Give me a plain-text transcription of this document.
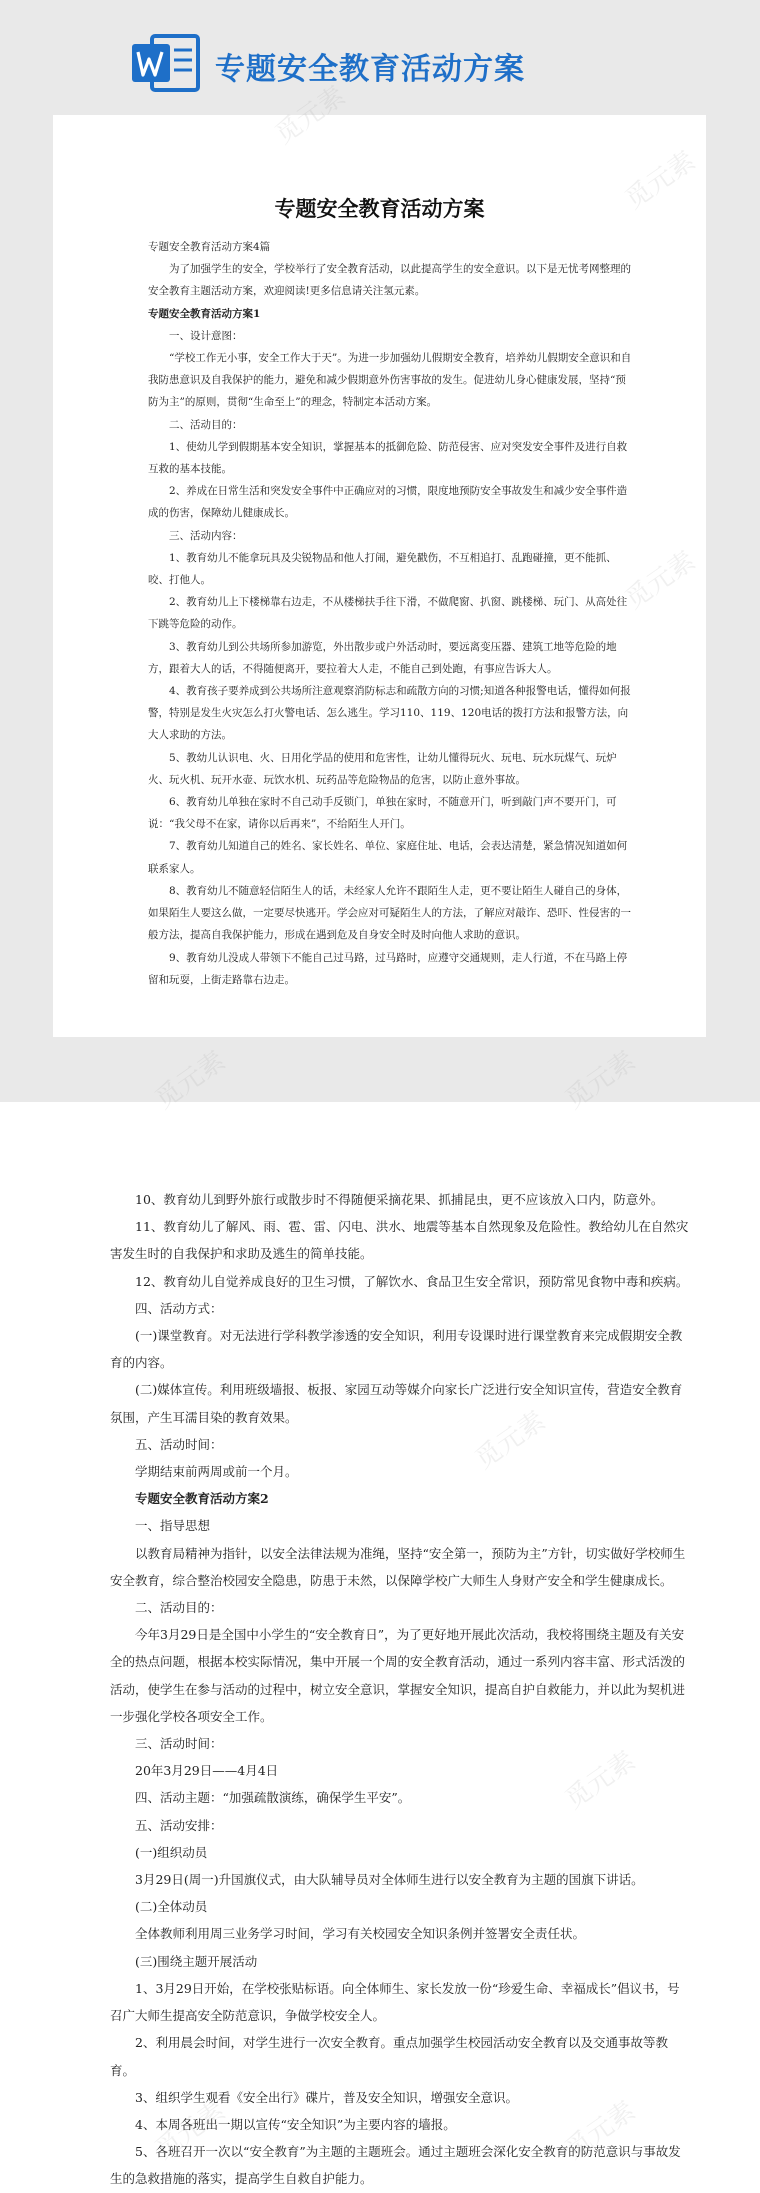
专题安全教育活动方案
专题安全教育活动方案

专题安全教育活动方案4篇

为了加强学生的安全，学校举行了安全教育活动，以此提高学生的安全意识。以下是无忧考网整理的安全教育主题活动方案，欢迎阅读!更多信息请关注氢元素。

专题安全教育活动方案1

一、设计意图：

“学校工作无小事，安全工作大于天”。为进一步加强幼儿假期安全教育，培养幼儿假期安全意识和自我防患意识及自我保护的能力，避免和减少假期意外伤害事故的发生。促进幼儿身心健康发展，坚持“预防为主”的原则，贯彻“生命至上”的理念，特制定本活动方案。

二、活动目的：

1、使幼儿学到假期基本安全知识，掌握基本的抵御危险、防范侵害、应对突发安全事件及进行自救互救的基本技能。

2、养成在日常生活和突发安全事件中正确应对的习惯，限度地预防安全事故发生和减少安全事件造成的伤害，保障幼儿健康成长。

三、活动内容：

1、教育幼儿不能拿玩具及尖锐物品和他人打闹，避免戳伤，不互相追打、乱跑碰撞，更不能抓、咬、打他人。

2、教育幼儿上下楼梯靠右边走，不从楼梯扶手往下滑，不做爬窗、扒窗、跳楼梯、玩门、从高处往下跳等危险的动作。

3、教育幼儿到公共场所参加游览，外出散步或户外活动时，要远离变压器、建筑工地等危险的地方，跟着大人的话，不得随便离开，要拉着大人走，不能自己到处跑，有事应告诉大人。

4、教育孩子要养成到公共场所注意观察消防标志和疏散方向的习惯;知道各种报警电话，懂得如何报警，特别是发生火灾怎么打火警电话、怎么逃生。学习110、119、120电话的拨打方法和报警方法，向大人求助的方法。

5、教幼儿认识电、火、日用化学品的使用和危害性，让幼儿懂得玩火、玩电、玩水玩煤气、玩炉火、玩火机、玩开水壶、玩饮水机、玩药品等危险物品的危害，以防止意外事故。

6、教育幼儿单独在家时不自己动手反锁门，单独在家时，不随意开门，听到敲门声不要开门，可说：“我父母不在家，请你以后再来”，不给陌生人开门。

7、教育幼儿知道自己的姓名、家长姓名、单位、家庭住址、电话，会表达清楚，紧急情况知道如何联系家人。

8、教育幼儿不随意轻信陌生人的话，未经家人允许不跟陌生人走，更不要让陌生人碰自己的身体，如果陌生人要这么做，一定要尽快逃开。学会应对可疑陌生人的方法，了解应对敲诈、恐吓、性侵害的一般方法，提高自我保护能力，形成在遇到危及自身安全时及时向他人求助的意识。

9、教育幼儿没成人带领下不能自己过马路，过马路时，应遵守交通规则，走人行道，不在马路上停留和玩耍，上街走路靠右边走。

10、教育幼儿到野外旅行或散步时不得随便采摘花果、抓捕昆虫，更不应该放入口内，防意外。

11、教育幼儿了解风、雨、雹、雷、闪电、洪水、地震等基本自然现象及危险性。教给幼儿在自然灾害发生时的自我保护和求助及逃生的简单技能。

12、教育幼儿自觉养成良好的卫生习惯，了解饮水、食品卫生安全常识，预防常见食物中毒和疾病。

四、活动方式：

(一)课堂教育。对无法进行学科教学渗透的安全知识，利用专设课时进行课堂教育来完成假期安全教育的内容。

(二)媒体宣传。利用班级墙报、板报、家园互动等媒介向家长广泛进行安全知识宣传，营造安全教育氛围，产生耳濡目染的教育效果。

五、活动时间：

学期结束前两周或前一个月。

专题安全教育活动方案2

一、指导思想

以教育局精神为指针，以安全法律法规为准绳，坚持“安全第一，预防为主”方针，切实做好学校师生安全教育，综合整治校园安全隐患，防患于未然，以保障学校广大师生人身财产安全和学生健康成长。

二、活动目的：

今年3月29日是全国中小学生的“安全教育日”，为了更好地开展此次活动，我校将围绕主题及有关安全的热点问题，根据本校实际情况，集中开展一个周的安全教育活动，通过一系列内容丰富、形式活泼的活动，使学生在参与活动的过程中，树立安全意识，掌握安全知识，提高自护自救能力，并以此为契机进一步强化学校各项安全工作。

三、活动时间：

20年3月29日——4月4日

四、活动主题：“加强疏散演练，确保学生平安”。

五、活动安排：

(一)组织动员

3月29日(周一)升国旗仪式，由大队辅导员对全体师生进行以安全教育为主题的国旗下讲话。

(二)全体动员

全体教师利用周三业务学习时间，学习有关校园安全知识条例并签署安全责任状。

(三)围绕主题开展活动

1、3月29日开始，在学校张贴标语。向全体师生、家长发放一份“珍爱生命、幸福成长”倡议书，号召广大师生提高安全防范意识，争做学校安全人。

2、利用晨会时间，对学生进行一次安全教育。重点加强学生校园活动安全教育以及交通事故等教育。

3、组织学生观看《安全出行》碟片，普及安全知识，增强安全意识。

4、本周各班出一期以宣传“安全知识”为主要内容的墙报。

5、各班召开一次以“安全教育”为主题的主题班会。通过主题班会深化安全教育的防范意识与事故发生的急救措施的落实，提高学生自救自护能力。
